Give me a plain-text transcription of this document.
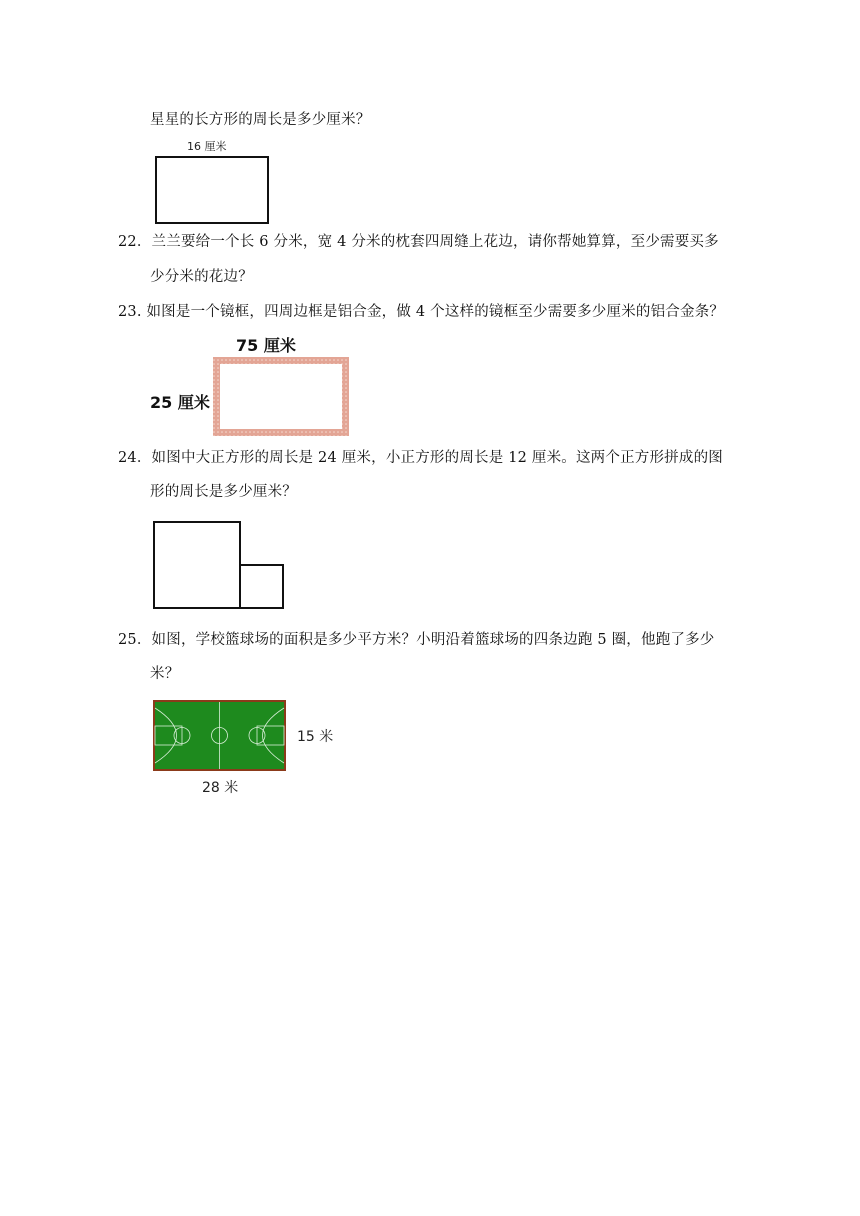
星星的长方形的周长是多少厘米？
16 厘米
22．兰兰要给一个长 6 分米，宽 4 分米的枕套四周缝上花边，请你帮她算算，至少需要买多
少分米的花边？
23. 如图是一个镜框，四周边框是铝合金，做 4 个这样的镜框至少需要多少厘米的铝合金条？
75 厘米
25 厘米
24．如图中大正方形的周长是 24 厘米，小正方形的周长是 12 厘米。这两个正方形拼成的图
形的周长是多少厘米？
25．如图，学校篮球场的面积是多少平方米？小明沿着篮球场的四条边跑 5 圈，他跑了多少
米？
15 米
28 米
